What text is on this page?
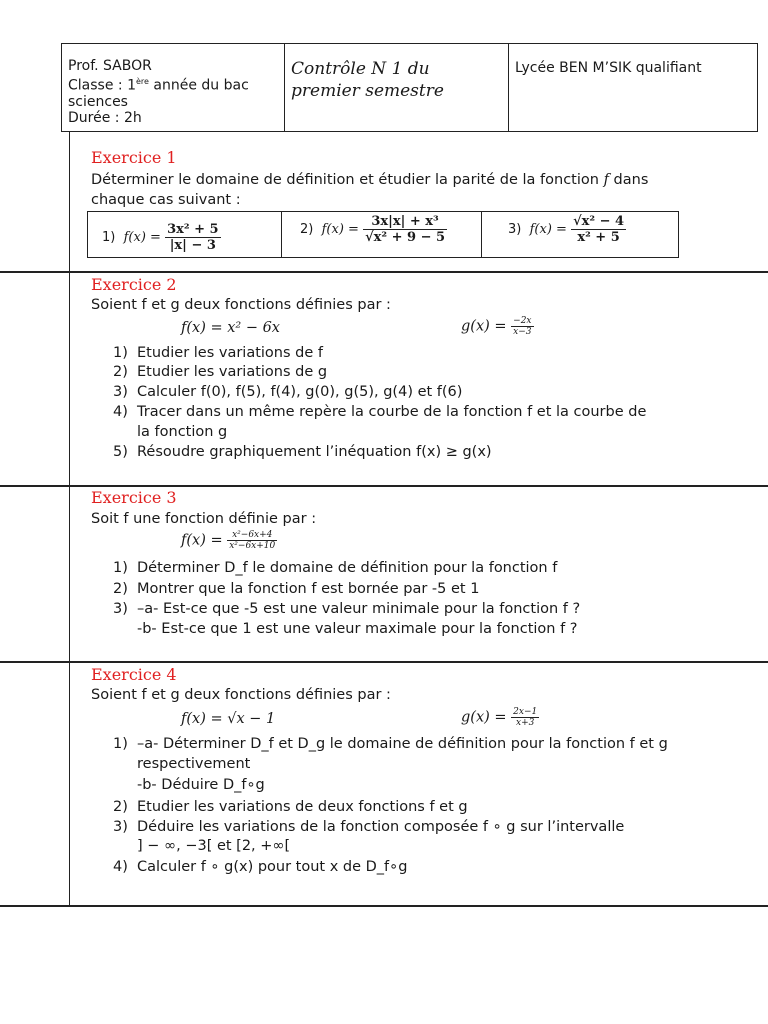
Prof. SABOR
Classe : 1ère année du bac
sciences
Durée : 2h
Contrôle N 1 du
premier semestre
Lycée BEN M’SIK qualifiant
Exercice 1
Déterminer le domaine de définition et étudier la parité de la fonction f dans
chaque cas suivant :
1) $f(x) = \frac{\text{3x² + 5}}{|x| - 3}$	2) $f(x) = \frac{\text{3x|x| + x³}}{\text{√x² + 9 − 5}}$	3) $f(x) = \frac{\text{√x² − 4}}{\text{x² + 5}}$
Exercice 2
Soient f et g deux fonctions définies par :
f(x) = x² − 6x	$g(x) = \frac{-2x}{x-3}$
1) Etudier les variations de f
2) Etudier les variations de g
3) Calculer f(0), f(5), f(4), g(0), g(5), g(4) et f(6)
4) Tracer dans un même repère la courbe de la fonction f et la courbe de
la fonction g
5) Résoudre graphiquement l’inéquation f(x) ≥ g(x)
Exercice 3
Soit f une fonction définie par :
$f(x) = \frac{\text{x²−6x+4}}{\text{x²−6x+10}}$
1) Déterminer D_f le domaine de définition pour la fonction f
2) Montrer que la fonction f est bornée par -5 et 1
3) –a- Est-ce que -5 est une valeur minimale pour la fonction f ?
-b- Est-ce que 1 est une valeur maximale pour la fonction f ?
Exercice 4
Soient f et g deux fonctions définies par :
f(x) = √x − 1	$g(x) = \frac{2x-1}{x+3}$
1) –a- Déterminer D_f et D_g le domaine de définition pour la fonction f et g
respectivement
-b- Déduire D_f∘g
2) Etudier les variations de deux fonctions f et g
3) Déduire les variations de la fonction composée f ∘ g sur l’intervalle
] − ∞, −3[ et [2, +∞[
4) Calculer f ∘ g(x) pour tout x de D_f∘g
